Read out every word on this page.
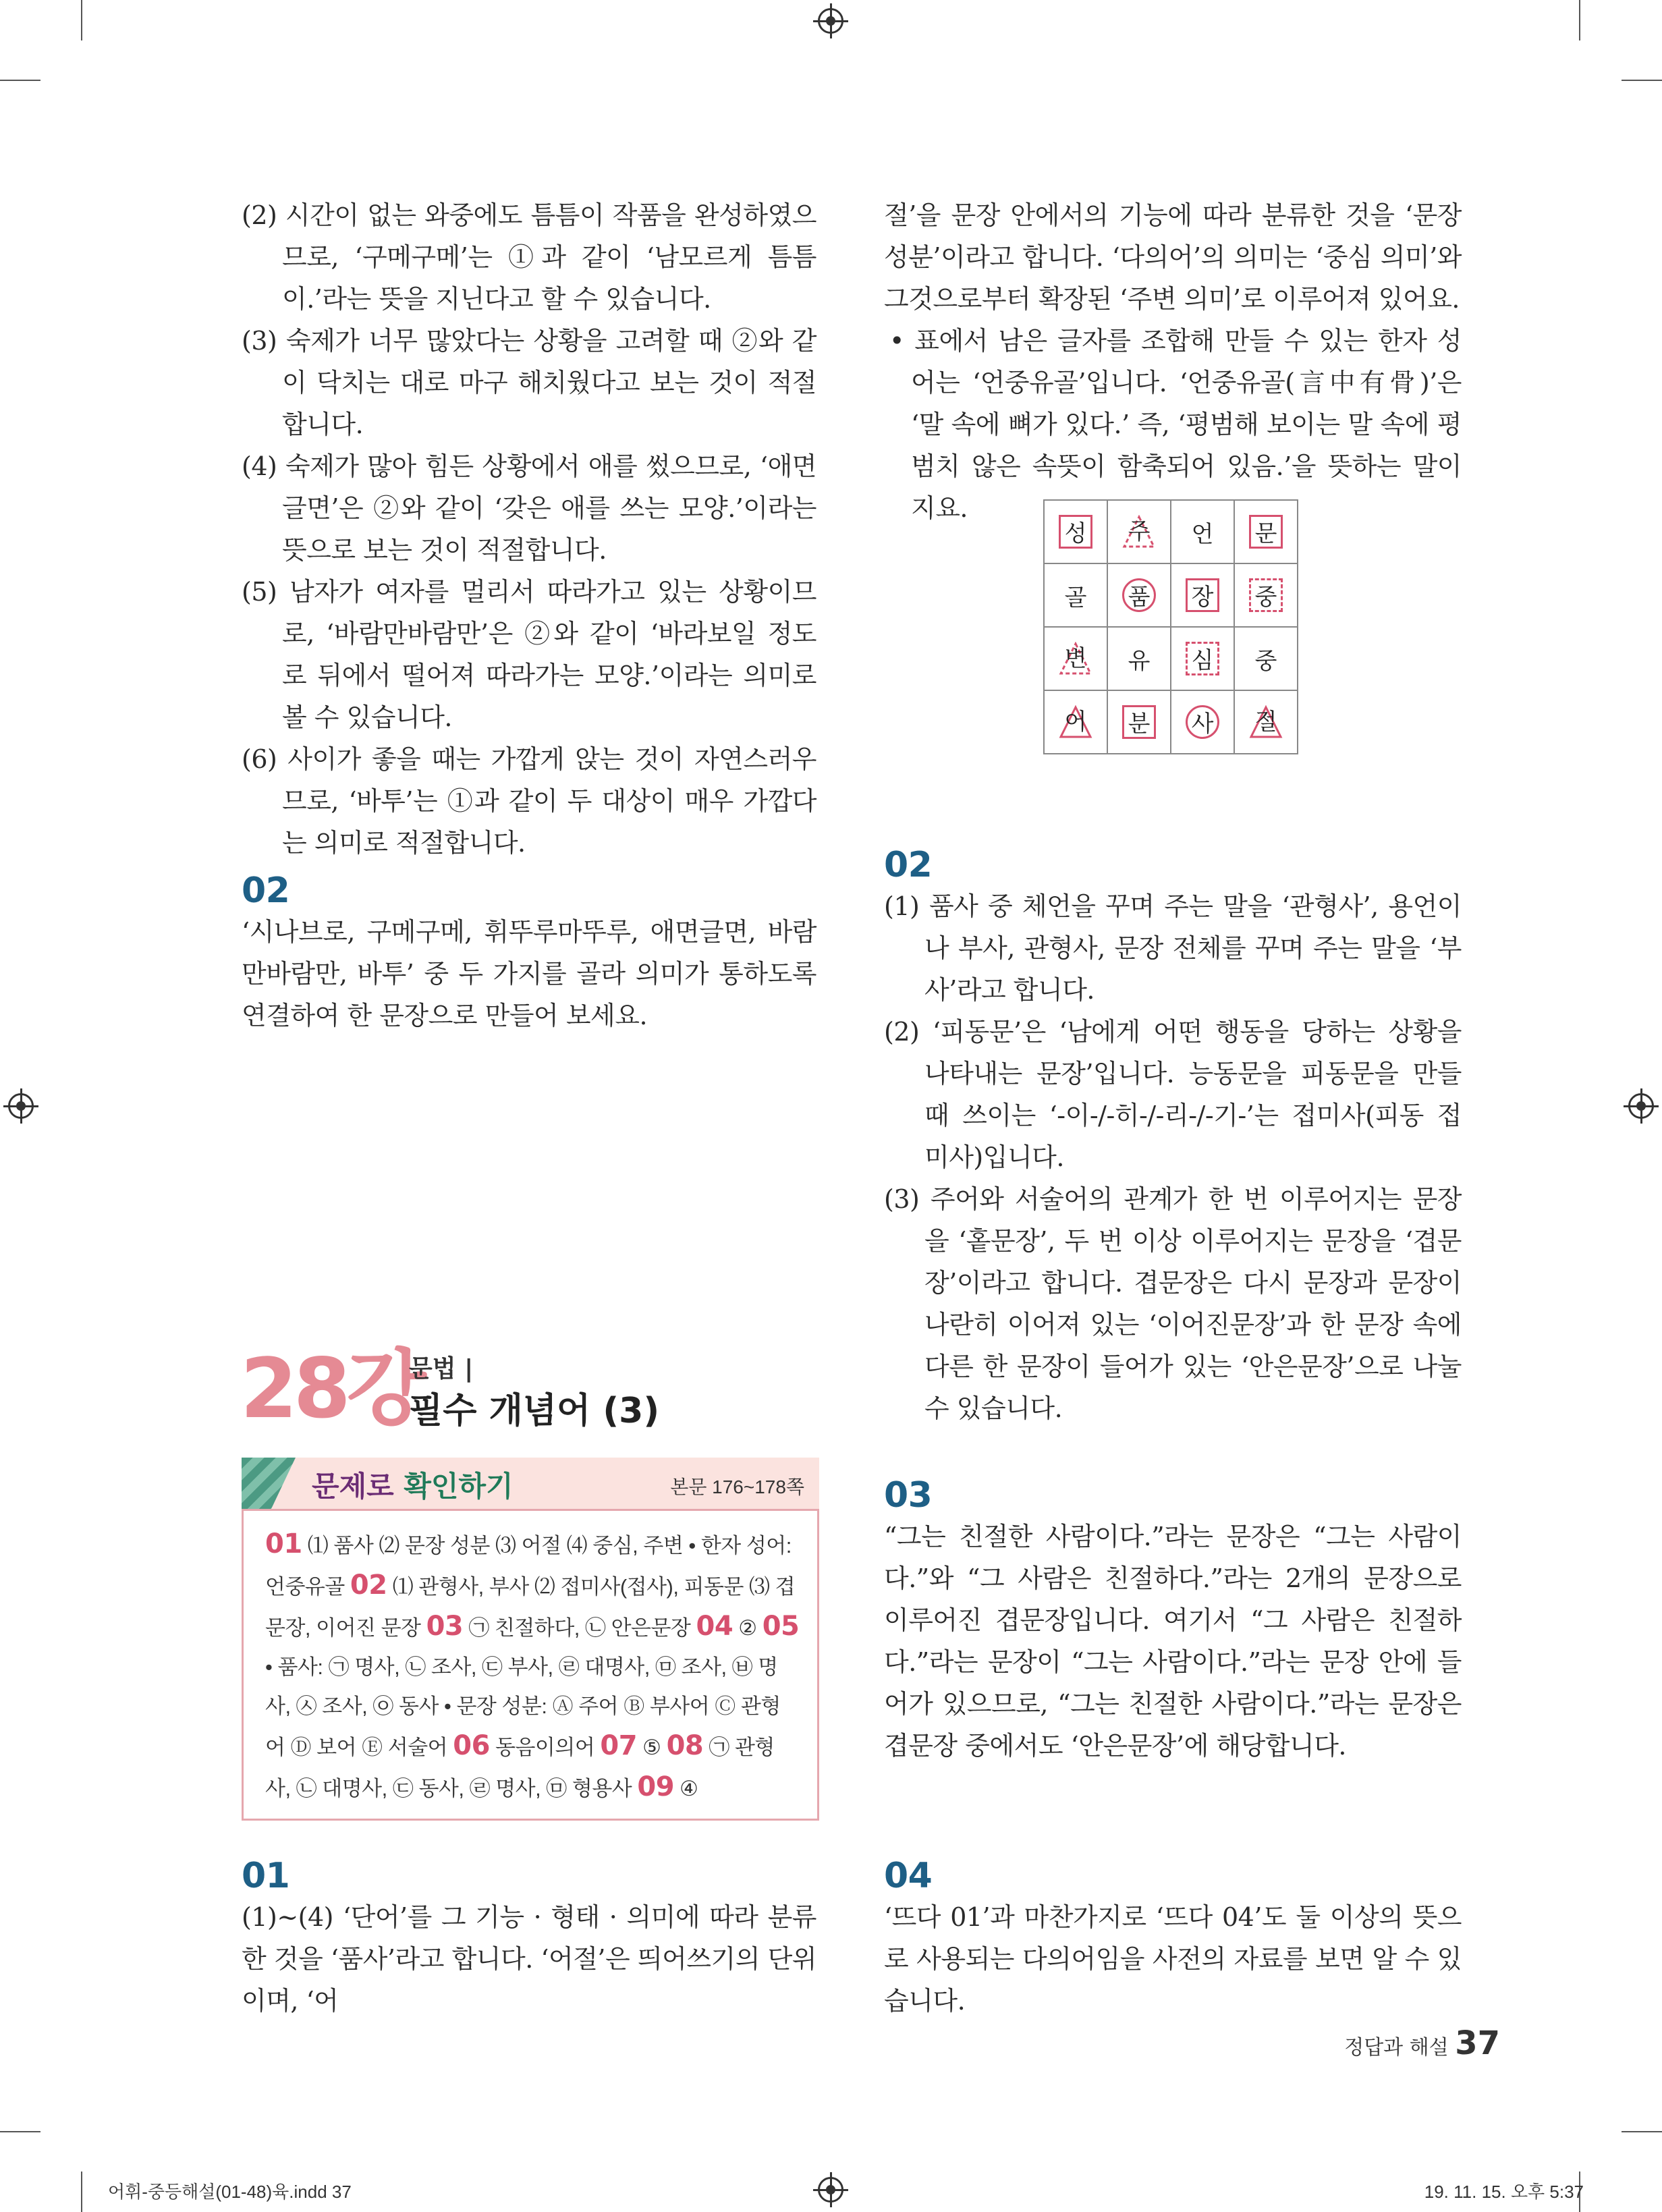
(2) 시간이 없는 와중에도 틈틈이 작품을 완성하였으므로, ‘구메구메’는 ①과 같이 ‘남모르게 틈틈이.’라는 뜻을 지닌다고 할 수 있습니다.

(3) 숙제가 너무 많았다는 상황을 고려할 때 ②와 같이 닥치는 대로 마구 해치웠다고 보는 것이 적절합니다.

(4) 숙제가 많아 힘든 상황에서 애를 썼으므로, ‘애면글면’은 ②와 같이 ‘갖은 애를 쓰는 모양.’이라는 뜻으로 보는 것이 적절합니다.

(5) 남자가 여자를 멀리서 따라가고 있는 상황이므로, ‘바람만바람만’은 ②와 같이 ‘바라보일 정도로 뒤에서 떨어져 따라가는 모양.’이라는 의미로 볼 수 있습니다.

(6) 사이가 좋을 때는 가깝게 앉는 것이 자연스러우므로, ‘바투’는 ①과 같이 두 대상이 매우 가깝다는 의미로 적절합니다.

02

‘시나브로, 구메구메, 휘뚜루마뚜루, 애면글면, 바람만바람만, 바투’ 중 두 가지를 골라 의미가 통하도록 연결하여 한 문장으로 만들어 보세요.

28강
문법 |
필수 개념어 (3)
문제로 확인하기	본문 176~178쪽
01 ⑴ 품사 ⑵ 문장 성분 ⑶ 어절 ⑷ 중심, 주변 • 한자 성어: 언중유골 02 ⑴ 관형사, 부사 ⑵ 접미사(접사), 피동문 ⑶ 겹문장, 이어진 문장 03 ㉠ 친절하다, ㉡ 안은문장 04 ② 05 • 품사: ㉠ 명사, ㉡ 조사, ㉢ 부사, ㉣ 대명사, ㉤ 조사, ㉥ 명사, ㉦ 조사, ㉧ 동사 • 문장 성분: Ⓐ 주어 Ⓑ 부사어 Ⓒ 관형어 Ⓓ 보어 Ⓔ 서술어 06 동음이의어 07 ⑤ 08 ㉠ 관형사, ㉡ 대명사, ㉢ 동사, ㉣ 명사, ㉤ 형용사 09 ④

01

(1)~(4) ‘단어’를 그 기능 · 형태 · 의미에 따라 분류한 것을 ‘품사’라고 합니다. ‘어절’은 띄어쓰기의 단위이며, ‘어

절’을 문장 안에서의 기능에 따라 분류한 것을 ‘문장 성분’이라고 합니다. ‘다의어’의 의미는 ‘중심 의미’와 그것으로부터 확장된 ‘주변 의미’로 이루어져 있어요.

• 표에서 남은 글자를 조합해 만들 수 있는 한자 성어는 ‘언중유골’입니다. ‘언중유골(言中有骨)’은 ‘말 속에 뼈가 있다.’ 즉, ‘평범해 보이는 말 속에 평범치 않은 속뜻이 함축되어 있음.’을 뜻하는 말이지요.

성	주	언	문
골	품	장	중

변	유	심	중

어	분	사	절

02

(1) 품사 중 체언을 꾸며 주는 말을 ‘관형사’, 용언이나 부사, 관형사, 문장 전체를 꾸며 주는 말을 ‘부사’라고 합니다.

(2) ‘피동문’은 ‘남에게 어떤 행동을 당하는 상황을 나타내는 문장’입니다. 능동문을 피동문을 만들 때 쓰이는 ‘-이-/-히-/-리-/-기-’는 접미사(피동 접미사)입니다.

(3) 주어와 서술어의 관계가 한 번 이루어지는 문장을 ‘홑문장’, 두 번 이상 이루어지는 문장을 ‘겹문장’이라고 합니다. 겹문장은 다시 문장과 문장이 나란히 이어져 있는 ‘이어진문장’과 한 문장 속에 다른 한 문장이 들어가 있는 ‘안은문장’으로 나눌 수 있습니다.

03

“그는 친절한 사람이다.”라는 문장은 “그는 사람이다.”와 “그 사람은 친절하다.”라는 2개의 문장으로 이루어진 겹문장입니다. 여기서 “그 사람은 친절하다.”라는 문장이 “그는 사람이다.”라는 문장 안에 들어가 있으므로, “그는 친절한 사람이다.”라는 문장은 겹문장 중에서도 ‘안은문장’에 해당합니다.

04

‘뜨다 01’과 마찬가지로 ‘뜨다 04’도 둘 이상의 뜻으로 사용되는 다의어임을 사전의 자료를 보면 알 수 있습니다.

정답과 해설 37
어휘-중등해설(01-48)육.indd 37	19. 11. 15. 오후 5:37
